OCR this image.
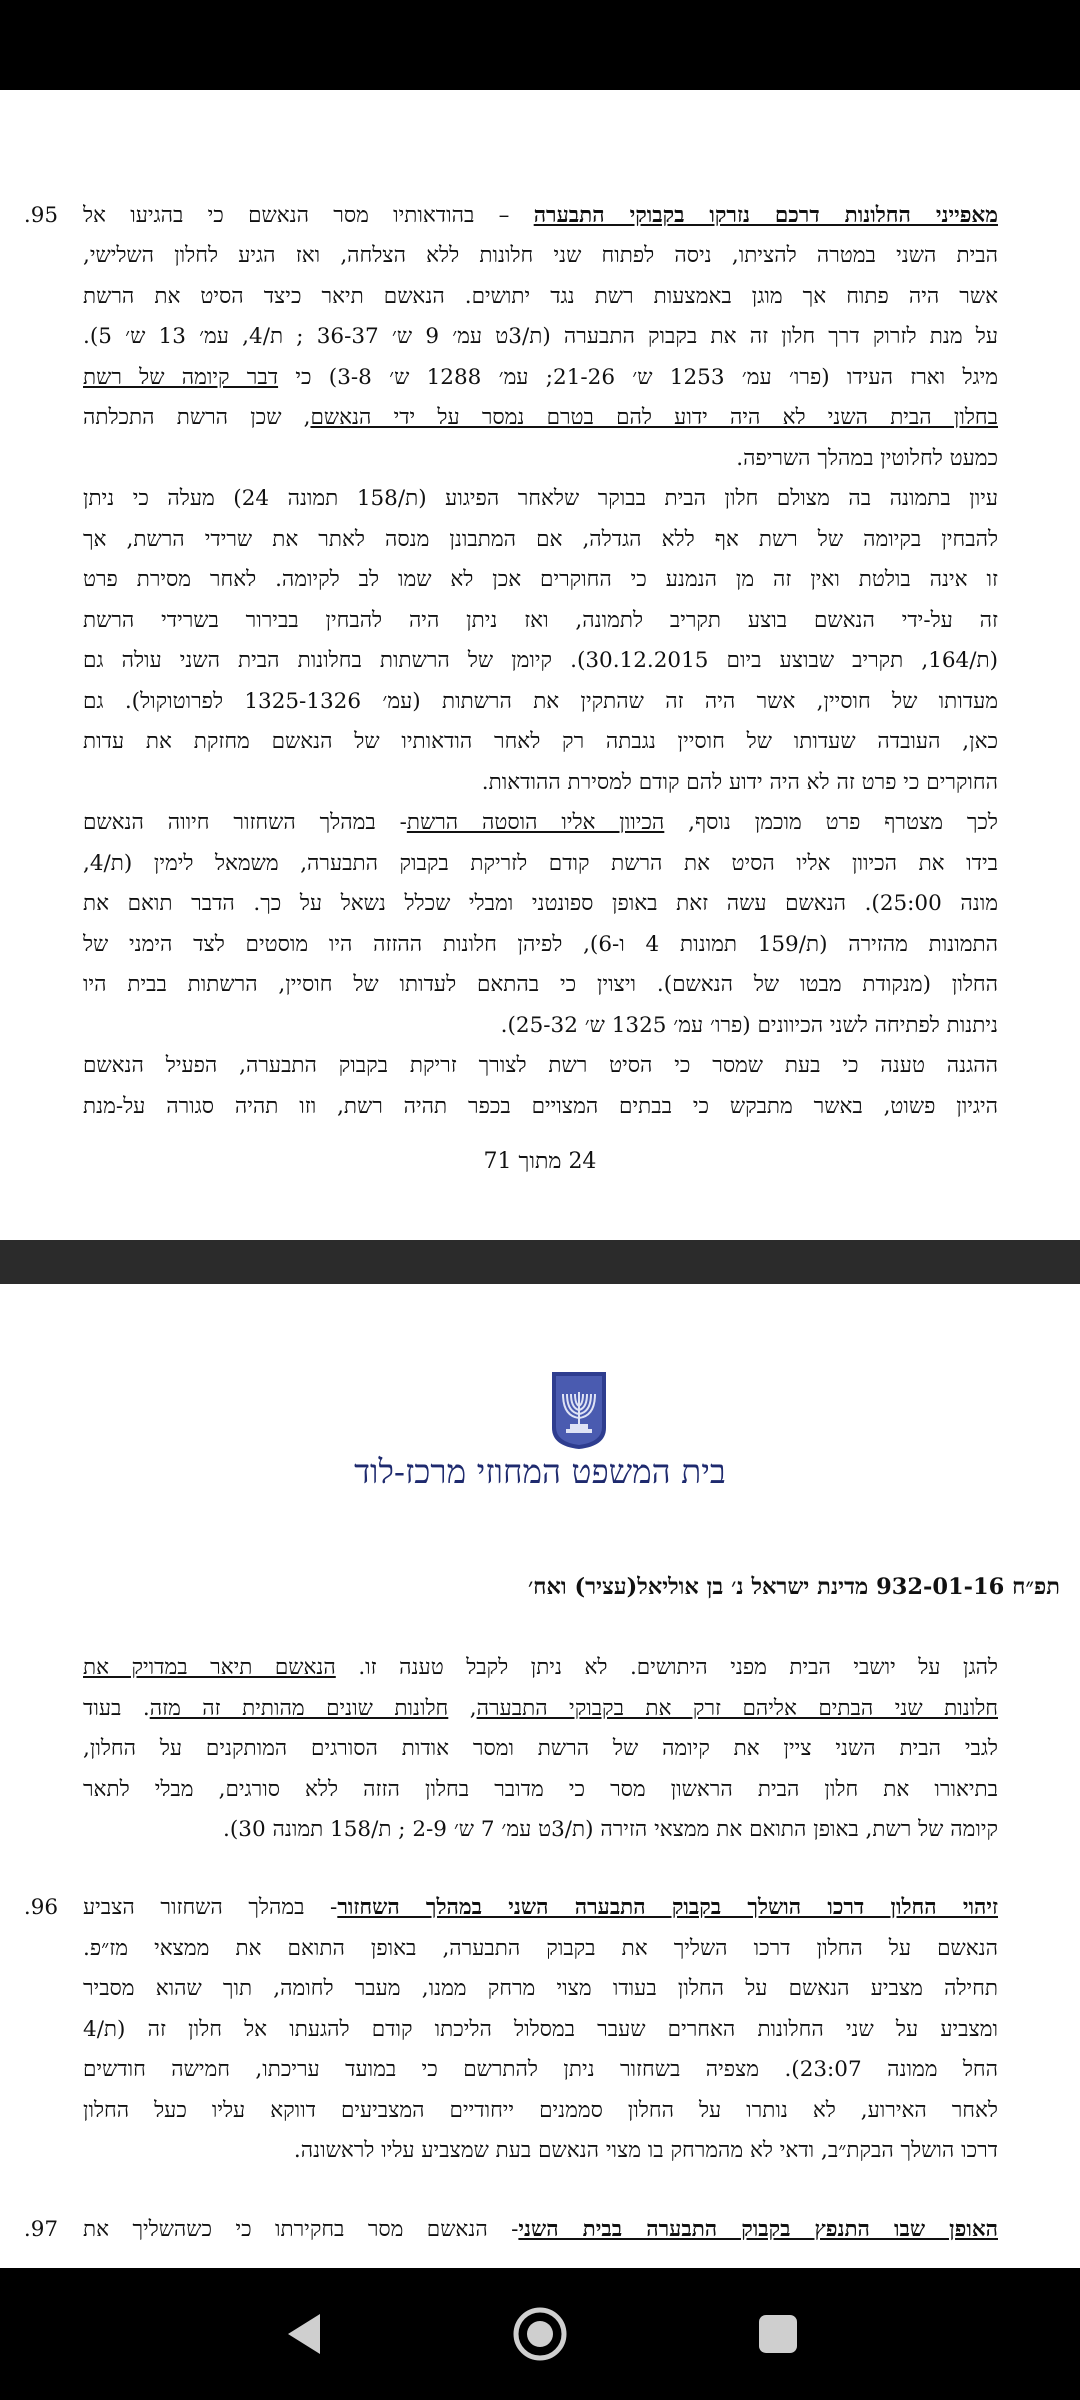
.95	מאפייני החלונות דרכם נזרקו בקבוקי התבערה – בהודאותיו מסר הנאשם כי בהגיעו אל
הבית השני במטרה להציתו, ניסה לפתוח שני חלונות ללא הצלחה, ואז הגיע לחלון השלישי,
אשר היה פתוח אך מוגן באמצעות רשת נגד יתושים. הנאשם תיאר כיצד הסיט את הרשת
על מנת לזרוק דרך חלון זה את בקבוק התבערה (ת/3ט עמ׳ 9 ש׳ 36-37 ; ת/4, עמ׳ 13 ש׳ 5).
מיגל וארז העידו (פרו׳ עמ׳ 1253 ש׳ 21-26; עמ׳ 1288 ש׳ 3-8) כי דבר קיומה של רשת
בחלון הבית השני לא היה ידוע להם בטרם נמסר על ידי הנאשם, שכן הרשת התכלתה
כמעט לחלוטין במהלך השריפה.
עיון בתמונה בה מצולם חלון הבית בבוקר שלאחר הפיגוע (ת/158 תמונה 24) מעלה כי ניתן
להבחין בקיומה של רשת אף ללא הגדלה, אם המתבונן מנסה לאתר את שרידי הרשת, אך
זו אינה בולטת ואין זה מן הנמנע כי החוקרים אכן לא שמו לב לקיומה. לאחר מסירת פרט
זה על-ידי הנאשם בוצע תקריב לתמונה, ואז ניתן היה להבחין בבירור בשרידי הרשת
(ת/164, תקריב שבוצע ביום 30.12.2015). קיומן של הרשתות בחלונות הבית השני עולה גם
מעדותו של חוסיין, אשר היה זה שהתקין את הרשתות (עמ׳ 1325-1326 לפרוטוקול). גם
כאן, העובדה שעדותו של חוסיין נגבתה רק לאחר הודאותיו של הנאשם מחזקת את עדות
החוקרים כי פרט זה לא היה ידוע להם קודם למסירת ההודאות.
לכך מצטרף פרט מוכמן נוסף, הכיוון אליו הוסטה הרשת- במהלך השחזור חיווה הנאשם
בידו את הכיוון אליו הסיט את הרשת קודם לזריקת בקבוק התבערה, משמאל לימין (ת/4,
מונה 25:00). הנאשם עשה זאת באופן ספונטני ומבלי שכלל נשאל על כך. הדבר תואם את
התמונות מהזירה (ת/159 תמונות 4 ו-6), לפיהן חלונות ההזזה היו מוסטים לצד הימני של
החלון (מנקודת מבטו של הנאשם). ויצוין כי בהתאם לעדותו של חוסיין, הרשתות בבית היו
ניתנות לפתיחה לשני הכיוונים (פרו׳ עמ׳ 1325 ש׳ 25-32).
ההגנה טענה כי בעת שמסר כי הסיט רשת לצורך זריקת בקבוק התבערה, הפעיל הנאשם
היגיון פשוט, באשר מתבקש כי בבתים המצויים בכפר תהיה רשת, וזו תהיה סגורה על-מנת
24 מתוך 71
בית המשפט המחוזי מרכז-לוד
תפ״ח 932-01-16 מדינת ישראל נ׳ בן אוליאל(עציר) ואח׳
להגן על יושבי הבית מפני היתושים. לא ניתן לקבל טענה זו. הנאשם תיאר במדויק את
חלונות שני הבתים אליהם זרק את בקבוקי התבערה, חלונות שונים מהותית זה מזה. בעוד
לגבי הבית השני ציין את קיומה של הרשת ומסר אודות הסורגים המותקנים על החלון,
בתיאורו את חלון הבית הראשון מסר כי מדובר בחלון הזזה ללא סורגים, מבלי לתאר
קיומה של רשת, באופן התואם את ממצאי הזירה (ת/3ט עמ׳ 7 ש׳ 2-9 ; ת/158 תמונה 30).
.96	זיהוי החלון דרכו הושלך בקבוק התבערה השני במהלך השחזור- במהלך השחזור הצביע
הנאשם על החלון דרכו השליך את בקבוק התבערה, באופן התואם את ממצאי מז״פ.
תחילה מצביע הנאשם על החלון בעודו מצוי מרחק ממנו, מעבר לחומה, תוך שהוא מסביר
ומצביע על שני החלונות האחרים שעבר במסלול הליכתו קודם להגעתו אל חלון זה (ת/4
החל ממונה 23:07). מצפיה בשחזור ניתן להתרשם כי במועד עריכתו, חמישה חודשים
לאחר האירוע, לא נותרו על החלון סממנים ייחודיים המצביעים דווקא עליו כעל החלון
דרכו הושלך הבקת״ב, ודאי לא מהמרחק בו מצוי הנאשם בעת שמצביע עליו לראשונה.
.97	האופן שבו התנפץ בקבוק התבערה בבית השני- הנאשם מסר בחקירתו כי כשהשליך את
